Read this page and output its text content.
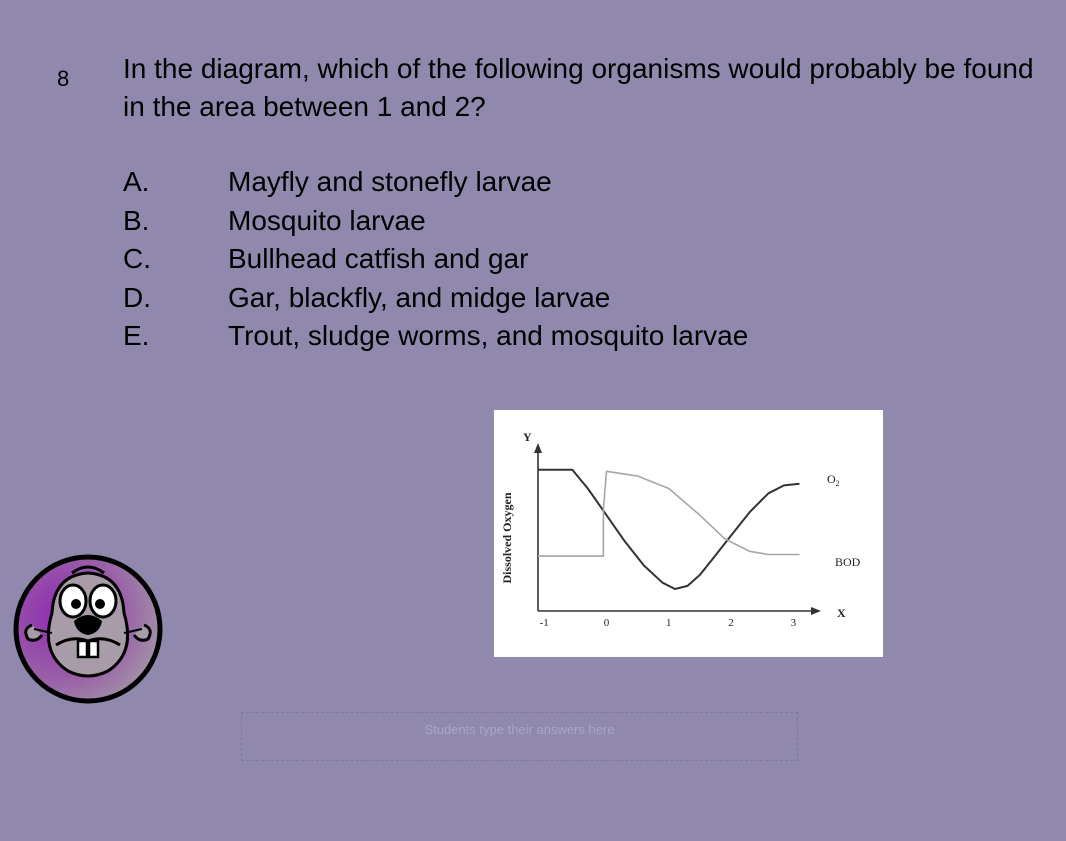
8 In the diagram, which of the following organisms would probably be found in the area between 1 and 2?

A.	Mayfly and stonefly larvae
B.	Mosquito larvae
C.	Bullhead catfish and gar
D.	Gar, blackfly, and midge larvae
E.	Trout, sludge worms, and mosquito larvae
Y
X
Dissolved Oxygen
-1	0	1	2	3
$O_2$
BOD
Students type their answers here
